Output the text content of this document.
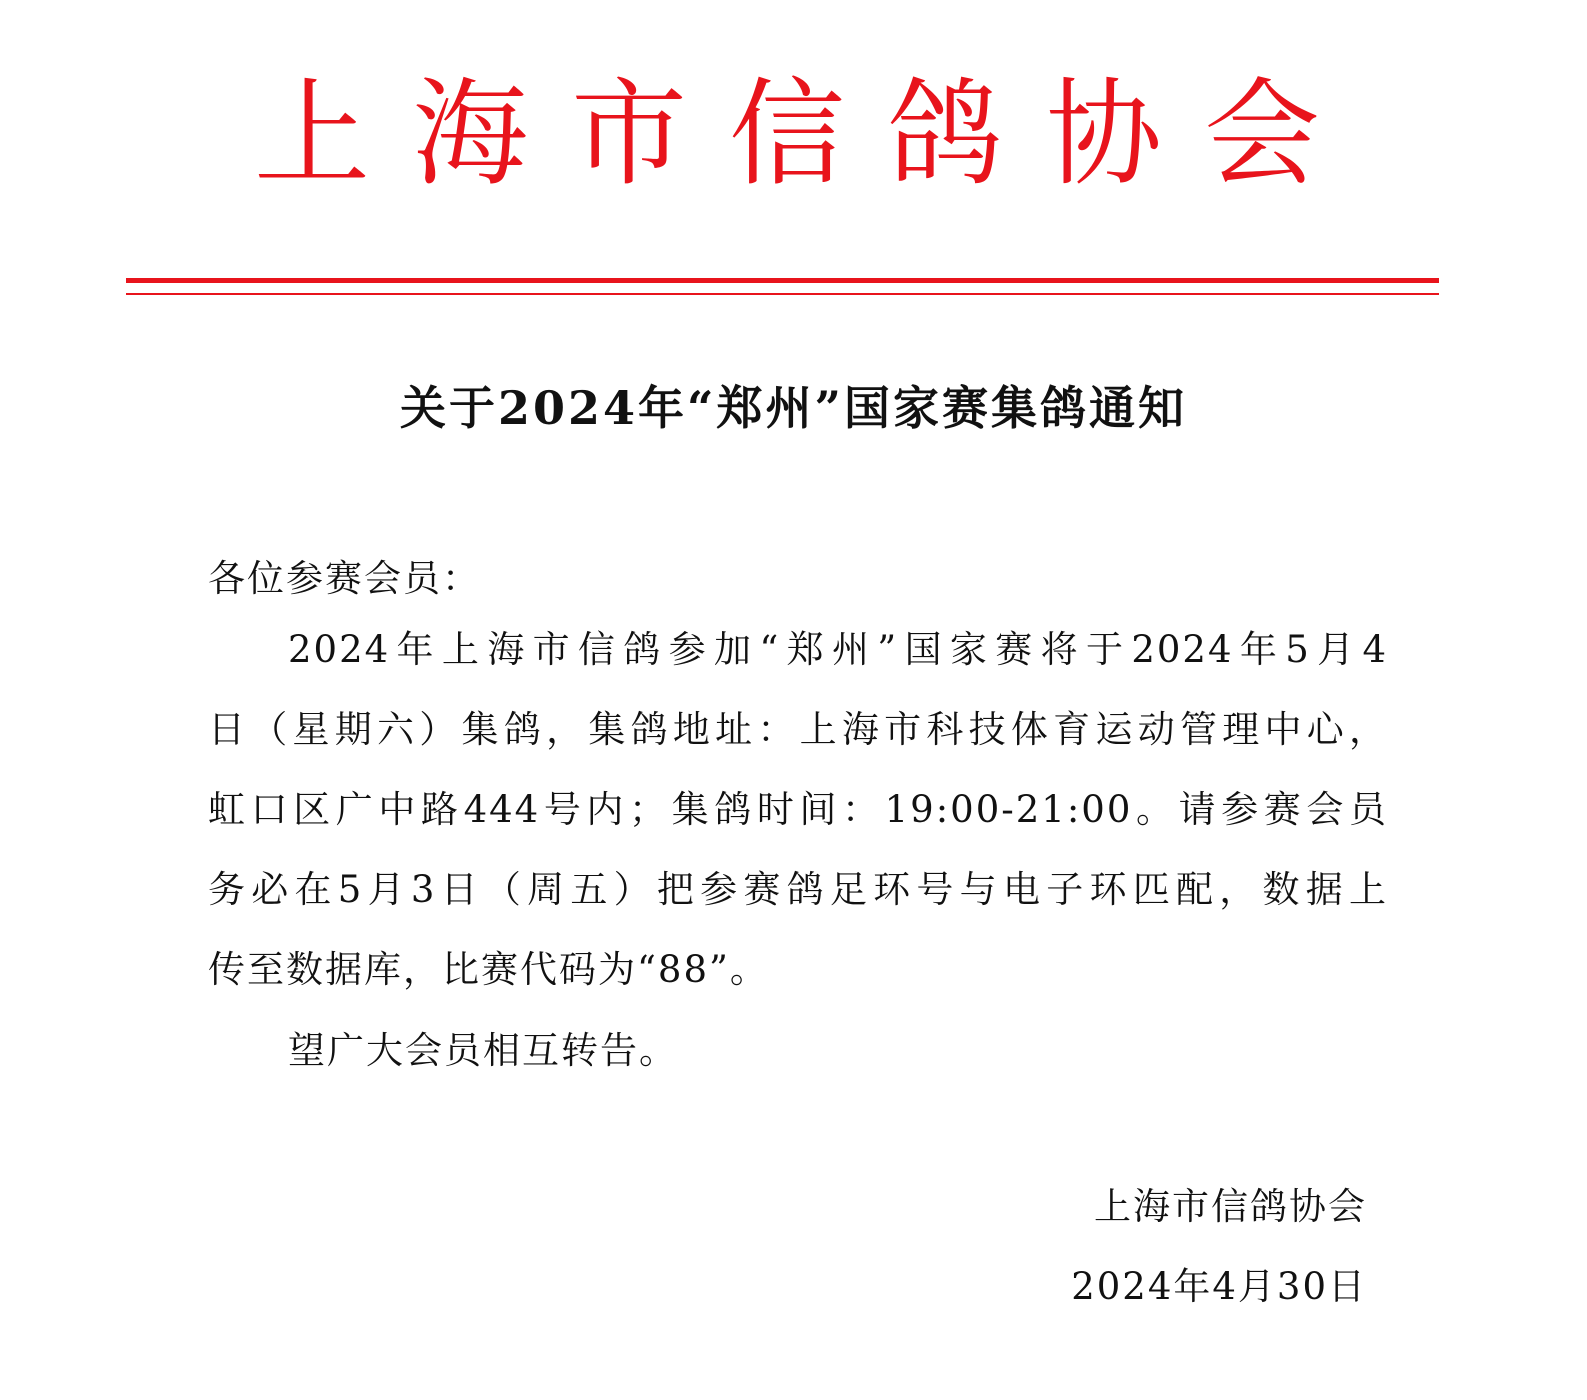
上 海 市 信 鸽 协 会
关于2024年“郑州”国家赛集鸽通知
各位参赛会员：
2024年上海市信鸽参加“郑州”国家赛将于2024年5月4
日（星期六）集鸽，集鸽地址：上海市科技体育运动管理中心，
虹口区广中路444号内；集鸽时间：19:00-21:00。请参赛会员
务必在5月3日（周五）把参赛鸽足环号与电子环匹配，数据上
传至数据库，比赛代码为“88”。
望广大会员相互转告。
上海市信鸽协会
2024年4月30日
